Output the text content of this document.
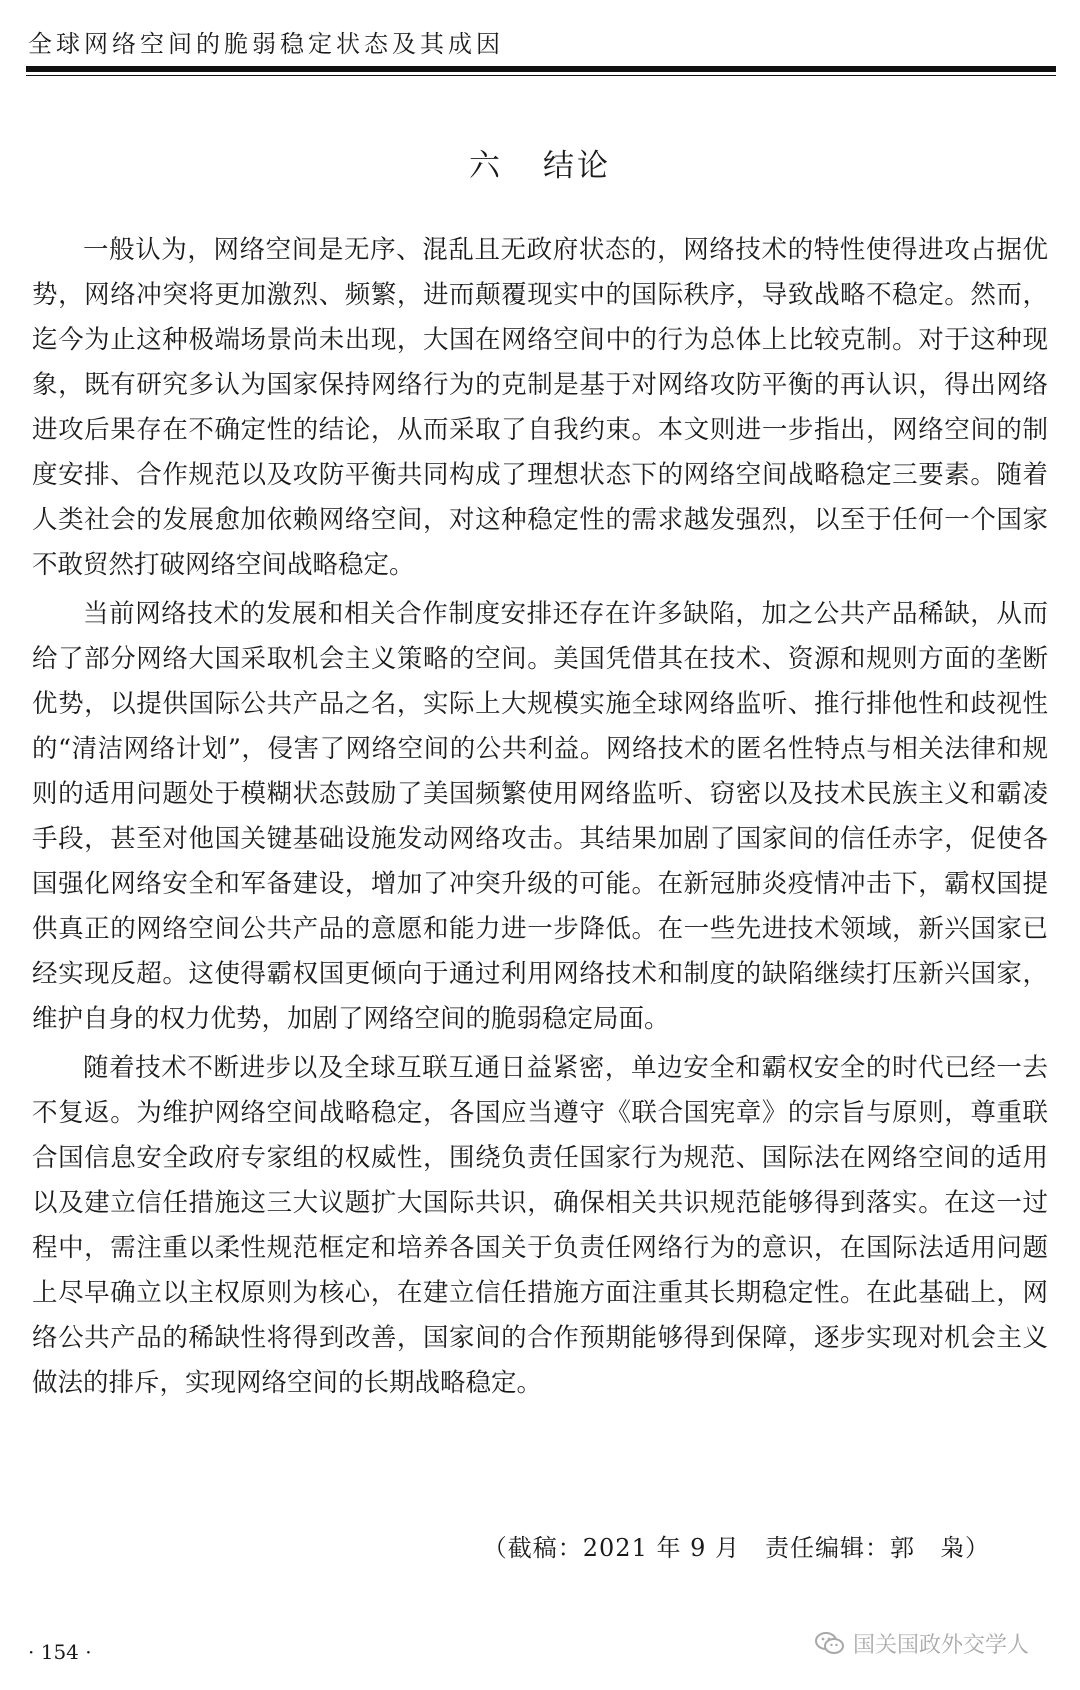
全球网络空间的脆弱稳定状态及其成因
六 结论

一般认为，网络空间是无序、混乱且无政府状态的，网络技术的特性使得进攻占据优势，网络冲突将更加激烈、频繁，进而颠覆现实中的国际秩序，导致战略不稳定。然而，迄今为止这种极端场景尚未出现，大国在网络空间中的行为总体上比较克制。对于这种现象，既有研究多认为国家保持网络行为的克制是基于对网络攻防平衡的再认识，得出网络进攻后果存在不确定性的结论，从而采取了自我约束。本文则进一步指出，网络空间的制度安排、合作规范以及攻防平衡共同构成了理想状态下的网络空间战略稳定三要素。随着人类社会的发展愈加依赖网络空间，对这种稳定性的需求越发强烈，以至于任何一个国家不敢贸然打破网络空间战略稳定。

当前网络技术的发展和相关合作制度安排还存在许多缺陷，加之公共产品稀缺，从而给了部分网络大国采取机会主义策略的空间。美国凭借其在技术、资源和规则方面的垄断优势，以提供国际公共产品之名，实际上大规模实施全球网络监听、推行排他性和歧视性的“清洁网络计划”，侵害了网络空间的公共利益。网络技术的匿名性特点与相关法律和规则的适用问题处于模糊状态鼓励了美国频繁使用网络监听、窃密以及技术民族主义和霸凌手段，甚至对他国关键基础设施发动网络攻击。其结果加剧了国家间的信任赤字，促使各国强化网络安全和军备建设，增加了冲突升级的可能。在新冠肺炎疫情冲击下，霸权国提供真正的网络空间公共产品的意愿和能力进一步降低。在一些先进技术领域，新兴国家已经实现反超。这使得霸权国更倾向于通过利用网络技术和制度的缺陷继续打压新兴国家，维护自身的权力优势，加剧了网络空间的脆弱稳定局面。

随着技术不断进步以及全球互联互通日益紧密，单边安全和霸权安全的时代已经一去不复返。为维护网络空间战略稳定，各国应当遵守《联合国宪章》的宗旨与原则，尊重联合国信息安全政府专家组的权威性，围绕负责任国家行为规范、国际法在网络空间的适用以及建立信任措施这三大议题扩大国际共识，确保相关共识规范能够得到落实。在这一过程中，需注重以柔性规范框定和培养各国关于负责任网络行为的意识，在国际法适用问题上尽早确立以主权原则为核心，在建立信任措施方面注重其长期稳定性。在此基础上，网络公共产品的稀缺性将得到改善，国家间的合作预期能够得到保障，逐步实现对机会主义做法的排斥，实现网络空间的长期战略稳定。

（截稿：2021 年 9 月　责任编辑：郭　枭）
· 154 ·	国关国政外交学人
